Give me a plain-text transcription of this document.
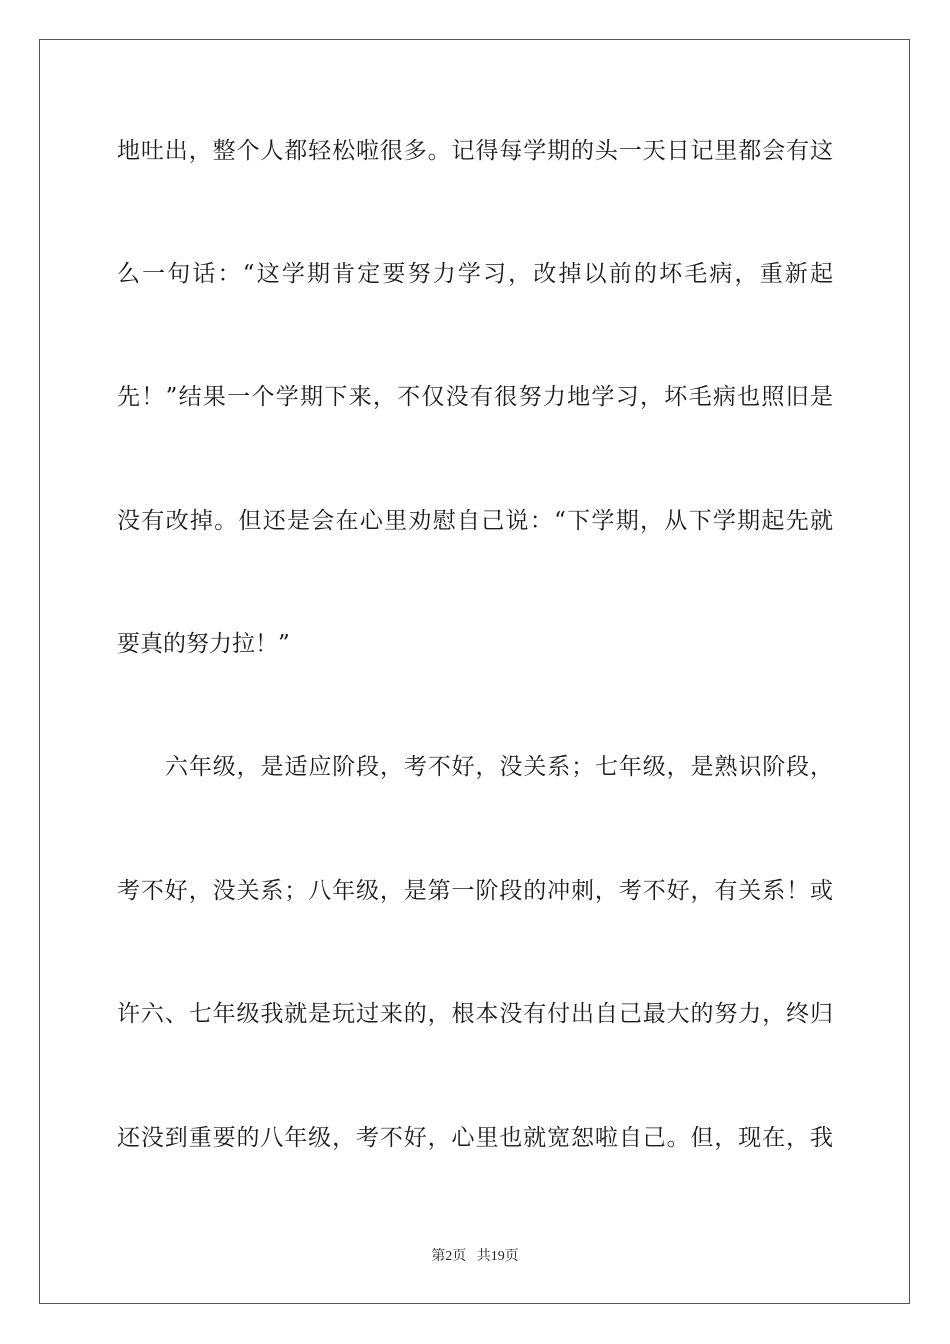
地吐出，整个人都轻松啦很多。记得每学期的头一天日记里都会有这
么一句话：“这学期肯定要努力学习，改掉以前的坏毛病，重新起
先！”结果一个学期下来，不仅没有很努力地学习，坏毛病也照旧是
没有改掉。但还是会在心里劝慰自己说：“下学期，从下学期起先就
要真的努力拉！”
六年级，是适应阶段，考不好，没关系；七年级，是熟识阶段，
考不好，没关系；八年级，是第一阶段的冲刺，考不好，有关系！或
许六、七年级我就是玩过来的，根本没有付出自己最大的努力，终归
还没到重要的八年级，考不好，心里也就宽恕啦自己。但，现在，我
第2页   共19页
